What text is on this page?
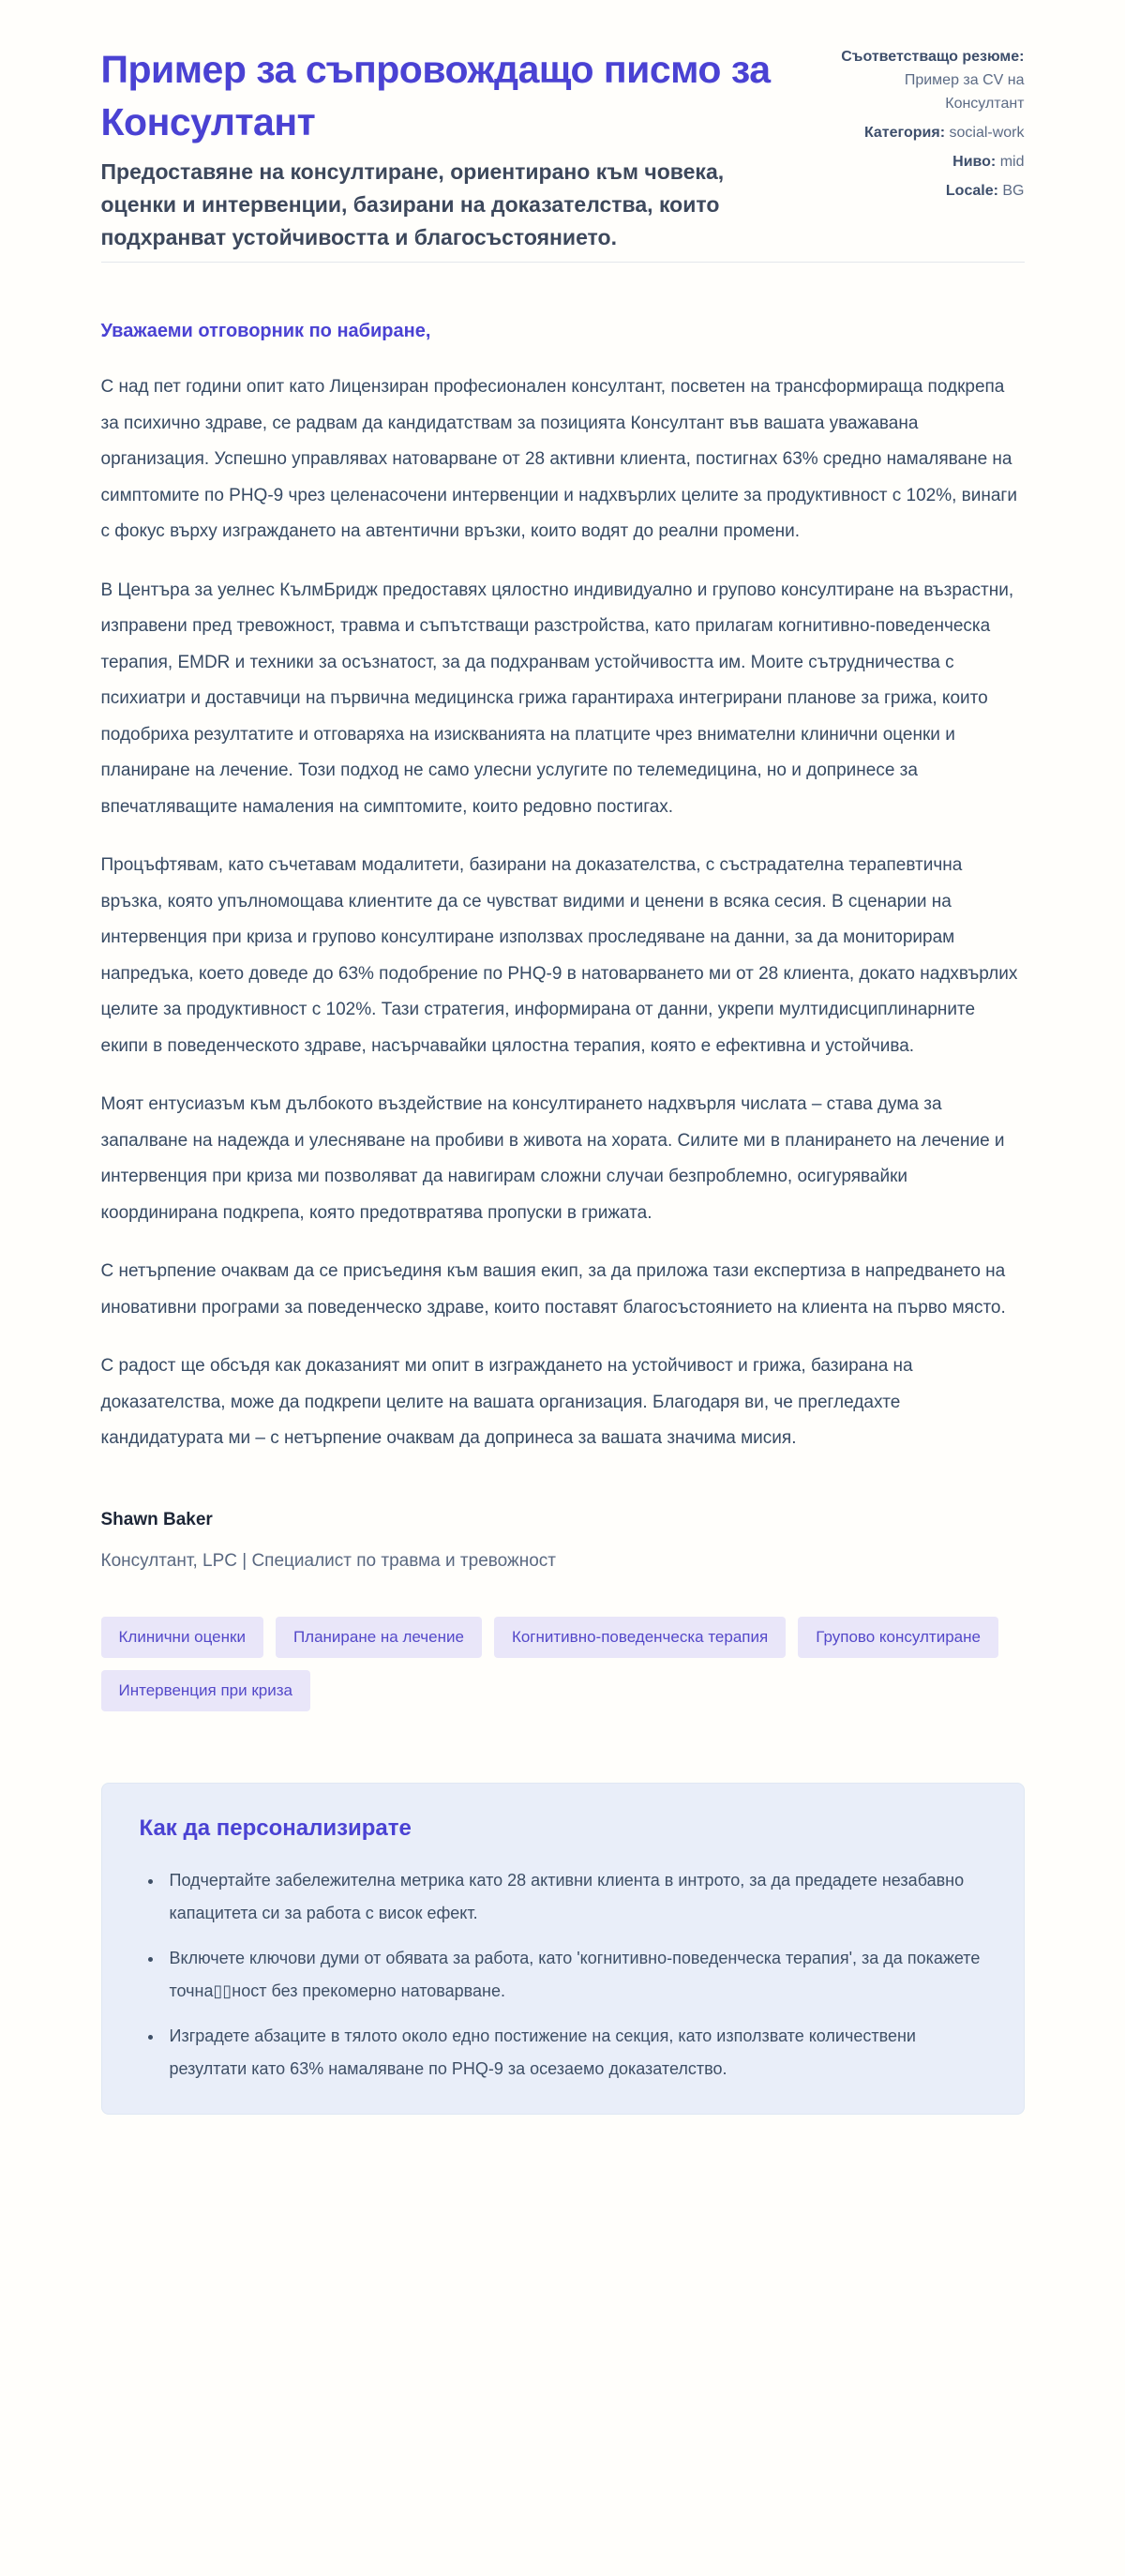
Пример за съпровождащо писмо за Консултант

Предоставяне на консултиране, ориентирано към човека, оценки и интервенции, базирани на доказателства, които подхранват устойчивостта и благосъстоянието.

Съответстващо резюме: Пример за CV на Консултант
Категория: social-work
Ниво: mid
Locale: BG

Уважаеми отговорник по набиране,

С над пет години опит като Лицензиран професионален консултант, посветен на трансформираща подкрепа за психично здраве, се радвам да кандидатствам за позицията Консултант във вашата уважавана организация. Успешно управлявах натоварване от 28 активни клиента, постигнах 63% средно намаляване на симптомите по PHQ-9 чрез целенасочени интервенции и надхвърлих целите за продуктивност с 102%, винаги с фокус върху изграждането на автентични връзки, които водят до реални промени.

В Центъра за уелнес КълмБридж предоставях цялостно индивидуално и групово консултиране на възрастни, изправени пред тревожност, травма и съпътстващи разстройства, като прилагам когнитивно-поведенческа терапия, EMDR и техники за осъзнатост, за да подхранвам устойчивостта им. Моите сътрудничества с психиатри и доставчици на първична медицинска грижа гарантираха интегрирани планове за грижа, които подобриха резултатите и отговаряха на изискванията на платците чрез внимателни клинични оценки и планиране на лечение. Този подход не само улесни услугите по телемедицина, но и допринесе за впечатляващите намаления на симптомите, които редовно постигах.

Процъфтявам, като съчетавам модалитети, базирани на доказателства, с състрадателна терапевтична връзка, която упълномощава клиентите да се чувстват видими и ценени в всяка сесия. В сценарии на интервенция при криза и групово консултиране използвах проследяване на данни, за да мониторирам напредъка, което доведе до 63% подобрение по PHQ-9 в натоварването ми от 28 клиента, докато надхвърлих целите за продуктивност с 102%. Тази стратегия, информирана от данни, укрепи мултидисциплинарните екипи в поведенческото здраве, насърчавайки цялостна терапия, която е ефективна и устойчива.

Моят ентусиазъм към дълбокото въздействие на консултирането надхвърля числата – става дума за запалване на надежда и улесняване на пробиви в живота на хората. Силите ми в планирането на лечение и интервенция при криза ми позволяват да навигирам сложни случаи безпроблемно, осигурявайки координирана подкрепа, която предотвратява пропуски в грижата.

С нетърпение очаквам да се присъединя към вашия екип, за да приложа тази експертиза в напредването на иновативни програми за поведенческо здраве, които поставят благосъстоянието на клиента на първо място.

С радост ще обсъдя как доказаният ми опит в изграждането на устойчивост и грижа, базирана на доказателства, може да подкрепи целите на вашата организация. Благодаря ви, че прегледахте кандидатурата ми – с нетърпение очаквам да допринеса за вашата значима мисия.

Shawn Baker

Консултант, LPC | Специалист по травма и тревожност

Клинични оценки	Планиране на лечение	Когнитивно-поведенческа терапия	Групово консултиране
Интервенция при криза
Как да персонализирате
• Подчертайте забележителна метрика като 28 активни клиента в интрото, за да предадете незабавно капацитета си за работа с висок ефект.
• Включете ключови думи от обявата за работа, като 'когнитивно-поведенческа терапия', за да покажете точна▯▯ност без прекомерно натоварване.
• Изградете абзаците в тялото около едно постижение на секция, като използвате количествени резултати като 63% намаляване по PHQ-9 за осезаемо доказателство.
